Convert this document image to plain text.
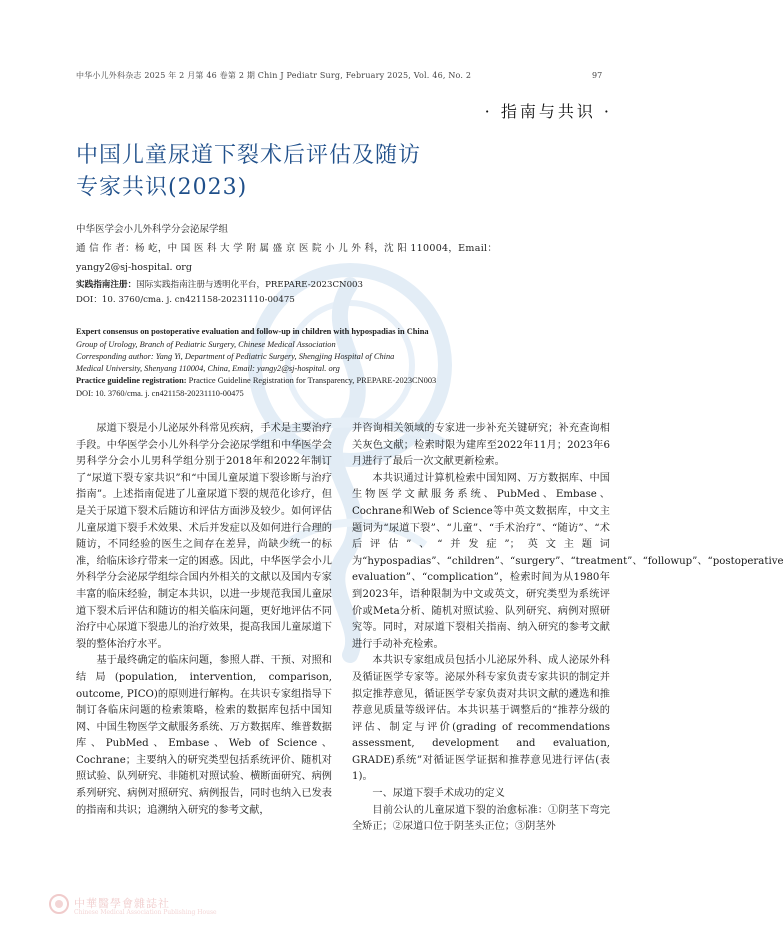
中华小儿外科杂志 2025 年 2 月第 46 卷第 2 期 Chin J Pediatr Surg, February 2025, Vol. 46, No. 2	97
· 指南与共识 ·
中国儿童尿道下裂术后评估及随访
专家共识(2023)
中华医学会小儿外科学分会泌尿学组
通 信 作 者：杨 屹，中 国 医 科 大 学 附 属 盛 京 医 院 小 儿 外 科，沈 阳 110004，Email：
yangy2@sj-hospital. org
实践指南注册：国际实践指南注册与透明化平台，PREPARE-2023CN003
DOI：10. 3760/cma. j. cn421158-20231110-00475
Expert consensus on postoperative evaluation and follow-up in children with hypospadias in China
Group of Urology, Branch of Pediatric Surgery, Chinese Medical Association
Corresponding author: Yang Yi, Department of Pediatric Surgery, Shengjing Hospital of China
Medical University, Shenyang 110004, China, Email: yangy2@sj-hospital. org
Practice guideline registration: Practice Guideline Registration for Transparency, PREPARE-2023CN003
DOI: 10. 3760/cma. j. cn421158-20231110-00475

尿道下裂是小儿泌尿外科常见疾病，手术是主要治疗手段。中华医学会小儿外科学分会泌尿学组和中华医学会男科学分会小儿男科学组分别于2018年和2022年制订了“尿道下裂专家共识”和“中国儿童尿道下裂诊断与治疗指南”。上述指南促进了儿童尿道下裂的规范化诊疗，但是关于尿道下裂术后随访和评估方面涉及较少。如何评估儿童尿道下裂手术效果、术后并发症以及如何进行合理的随访，不同经验的医生之间存在差异，尚缺少统一的标准，给临床诊疗带来一定的困惑。因此，中华医学会小儿外科学分会泌尿学组综合国内外相关的文献以及国内专家丰富的临床经验，制定本共识，以进一步规范我国儿童尿道下裂术后评估和随访的相关临床问题，更好地评估不同治疗中心尿道下裂患儿的治疗效果，提高我国儿童尿道下裂的整体治疗水平。

基于最终确定的临床问题，参照人群、干预、对照和结局(population, intervention, comparison, outcome, PICO)的原则进行解构。在共识专家组指导下制订各临床问题的检索策略，检索的数据库包括中国知网、中国生物医学文献服务系统、万方数据库、维普数据库、PubMed、Embase、Web of Science、Cochrane；主要纳入的研究类型包括系统评价、随机对照试验、队列研究、非随机对照试验、横断面研究、病例系列研究、病例对照研究、病例报告，同时也纳入已发表的指南和共识；追溯纳入研究的参考文献，

并咨询相关领域的专家进一步补充关键研究；补充查询相关灰色文献；检索时限为建库至2022年11月；2023年6月进行了最后一次文献更新检索。

本共识通过计算机检索中国知网、万方数据库、中国生物医学文献服务系统、PubMed、Embase、Cochrane和Web of Science等中英文数据库，中文主题词为“尿道下裂”、“儿童”、“手术治疗”、“随访”、“术后评估”、“并发症”；英文主题词为“hypospadias”、“children”、“surgery”、“treatment”、“followup”、“postoperative evaluation”、“complication”，检索时间为从1980年到2023年，语种限制为中文或英文，研究类型为系统评价或Meta分析、随机对照试验、队列研究、病例对照研究等。同时，对尿道下裂相关指南、纳入研究的参考文献进行手动补充检索。

本共识专家组成员包括小儿泌尿外科、成人泌尿外科及循证医学专家等。泌尿外科专家负责专家共识的制定并拟定推荐意见，循证医学专家负责对共识文献的遴选和推荐意见质量等级评估。本共识基于调整后的“推荐分级的评估、制定与评价(grading of recommendations assessment, development and evaluation, GRADE)系统”对循证医学证据和推荐意见进行评估(表1)。

一、尿道下裂手术成功的定义

目前公认的儿童尿道下裂的治愈标准：①阴茎下弯完全矫正；②尿道口位于阴茎头正位；③阴茎外

中華醫學會雜誌社
Chinese Medical Association Publishing House
